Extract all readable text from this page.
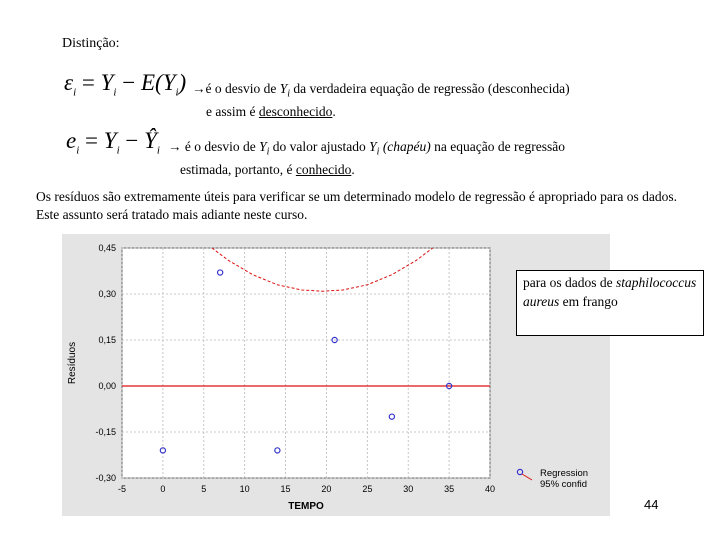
Distinção:
$\varepsilon_i = Y_i - E(Y_i)$ →é o desvio de $Y_i$ da verdadeira equação de regressão (desconhecida)
e assim é desconhecido.
$e_i = Y_i$ − $Ŷ_i$ → é o desvio de $Y_i$ do valor ajustado $Y_i$ (chapéu) na equação de regressão
estimada, portanto, é conhecido.
Os resíduos são extremamente úteis para verificar se um determinado modelo de regressão é apropriado para os dados. Este assunto será tratado mais adiante neste curso.
-5	0	5	10	15	20	25	30	35	40
-0,30
-0,15
0,00
0,15
0,30
0,45
TEMPO
Resíduos
Regression
95% confid
para os dados de staphilococcus aureus em frango
44
